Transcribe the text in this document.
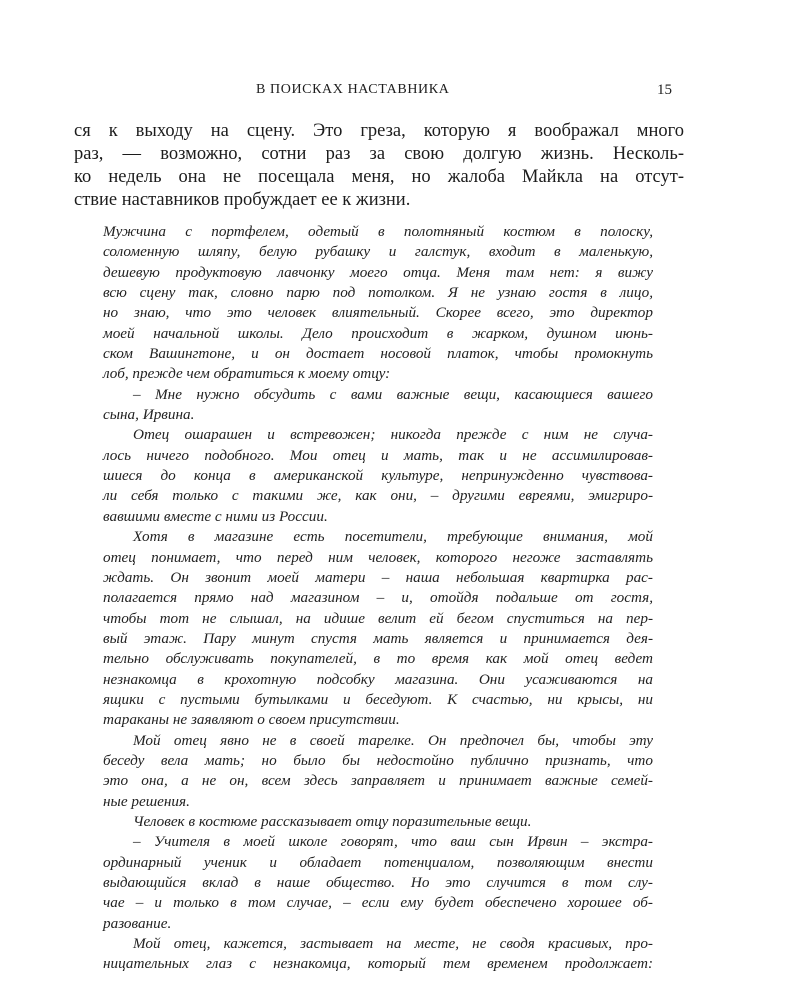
В ПОИСКАХ НАСТАВНИКА	15
ся к выходу на сцену. Это греза, которую я воображал много
раз, — возможно, сотни раз за свою долгую жизнь. Несколь-
ко недель она не посещала меня, но жалоба Майкла на отсут-
ствие наставников пробуждает ее к жизни.
Мужчина с портфелем, одетый в полотняный костюм в полоску,
соломенную шляпу, белую рубашку и галстук, входит в маленькую,
дешевую продуктовую лавчонку моего отца. Меня там нет: я вижу
всю сцену так, словно парю под потолком. Я не узнаю гостя в лицо,
но знаю, что это человек влиятельный. Скорее всего, это директор
моей начальной школы. Дело происходит в жарком, душном июнь-
ском Вашингтоне, и он достает носовой платок, чтобы промокнуть
лоб, прежде чем обратиться к моему отцу:
– Мне нужно обсудить с вами важные вещи, касающиеся вашего
сына, Ирвина.
Отец ошарашен и встревожен; никогда прежде с ним не случа-
лось ничего подобного. Мои отец и мать, так и не ассимилировав-
шиеся до конца в американской культуре, непринужденно чувствова-
ли себя только с такими же, как они, – другими евреями, эмигриро-
вавшими вместе с ними из России.
Хотя в магазине есть посетители, требующие внимания, мой
отец понимает, что перед ним человек, которого негоже заставлять
ждать. Он звонит моей матери – наша небольшая квартирка рас-
полагается прямо над магазином – и, отойдя подальше от гостя,
чтобы тот не слышал, на идише велит ей бегом спуститься на пер-
вый этаж. Пару минут спустя мать является и принимается дея-
тельно обслуживать покупателей, в то время как мой отец ведет
незнакомца в крохотную подсобку магазина. Они усаживаются на
ящики с пустыми бутылками и беседуют. К счастью, ни крысы, ни
тараканы не заявляют о своем присутствии.
Мой отец явно не в своей тарелке. Он предпочел бы, чтобы эту
беседу вела мать; но было бы недостойно публично признать, что
это она, а не он, всем здесь заправляет и принимает важные семей-
ные решения.
Человек в костюме рассказывает отцу поразительные вещи.
– Учителя в моей школе говорят, что ваш сын Ирвин – экстра-
ординарный ученик и обладает потенциалом, позволяющим внести
выдающийся вклад в наше общество. Но это случится в том слу-
чае – и только в том случае, – если ему будет обеспечено хорошее об-
разование.
Мой отец, кажется, застывает на месте, не сводя красивых, про-
ницательных глаз с незнакомца, который тем временем продолжает:
